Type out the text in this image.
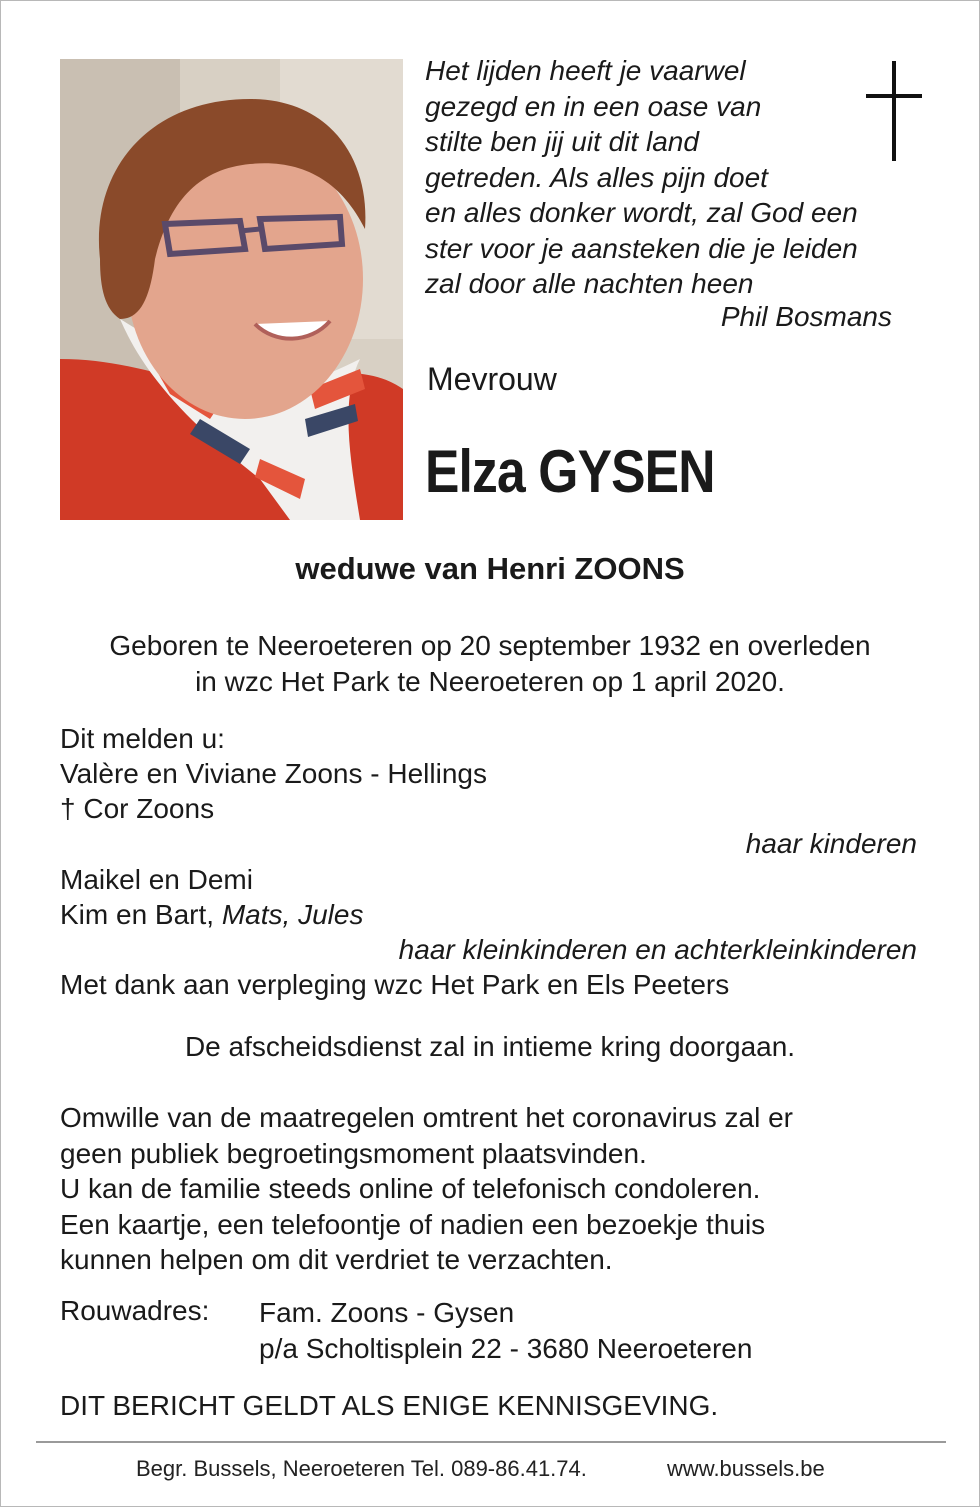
Het lijden heeft je vaarwel
gezegd en in een oase van
stilte ben jij uit dit land
getreden. Als alles pijn doet
en alles donker wordt, zal God een
ster voor je aansteken die je leiden
zal door alle nachten heen
Phil Bosmans
Mevrouw
Elza GYSEN
weduwe van Henri ZOONS
Geboren te Neeroeteren op 20 september 1932 en overleden
in wzc Het Park te Neeroeteren op 1 april 2020.
Dit melden u:
Valère en Viviane Zoons - Hellings
† Cor Zoons
haar kinderen
Maikel en Demi
Kim en Bart, Mats, Jules
haar kleinkinderen en achterkleinkinderen
Met dank aan verpleging wzc Het Park en Els Peeters
De afscheidsdienst zal in intieme kring doorgaan.
Omwille van de maatregelen omtrent het coronavirus zal er
geen publiek begroetingsmoment plaatsvinden.
U kan de familie steeds online of telefonisch condoleren.
Een kaartje, een telefoontje of nadien een bezoekje thuis
kunnen helpen om dit verdriet te verzachten.
Rouwadres: Fam. Zoons - Gysen
p/a Scholtisplein 22 - 3680 Neeroeteren
DIT BERICHT GELDT ALS ENIGE KENNISGEVING.
Begr. Bussels, Neeroeteren Tel. 089-86.41.74.	www.bussels.be
